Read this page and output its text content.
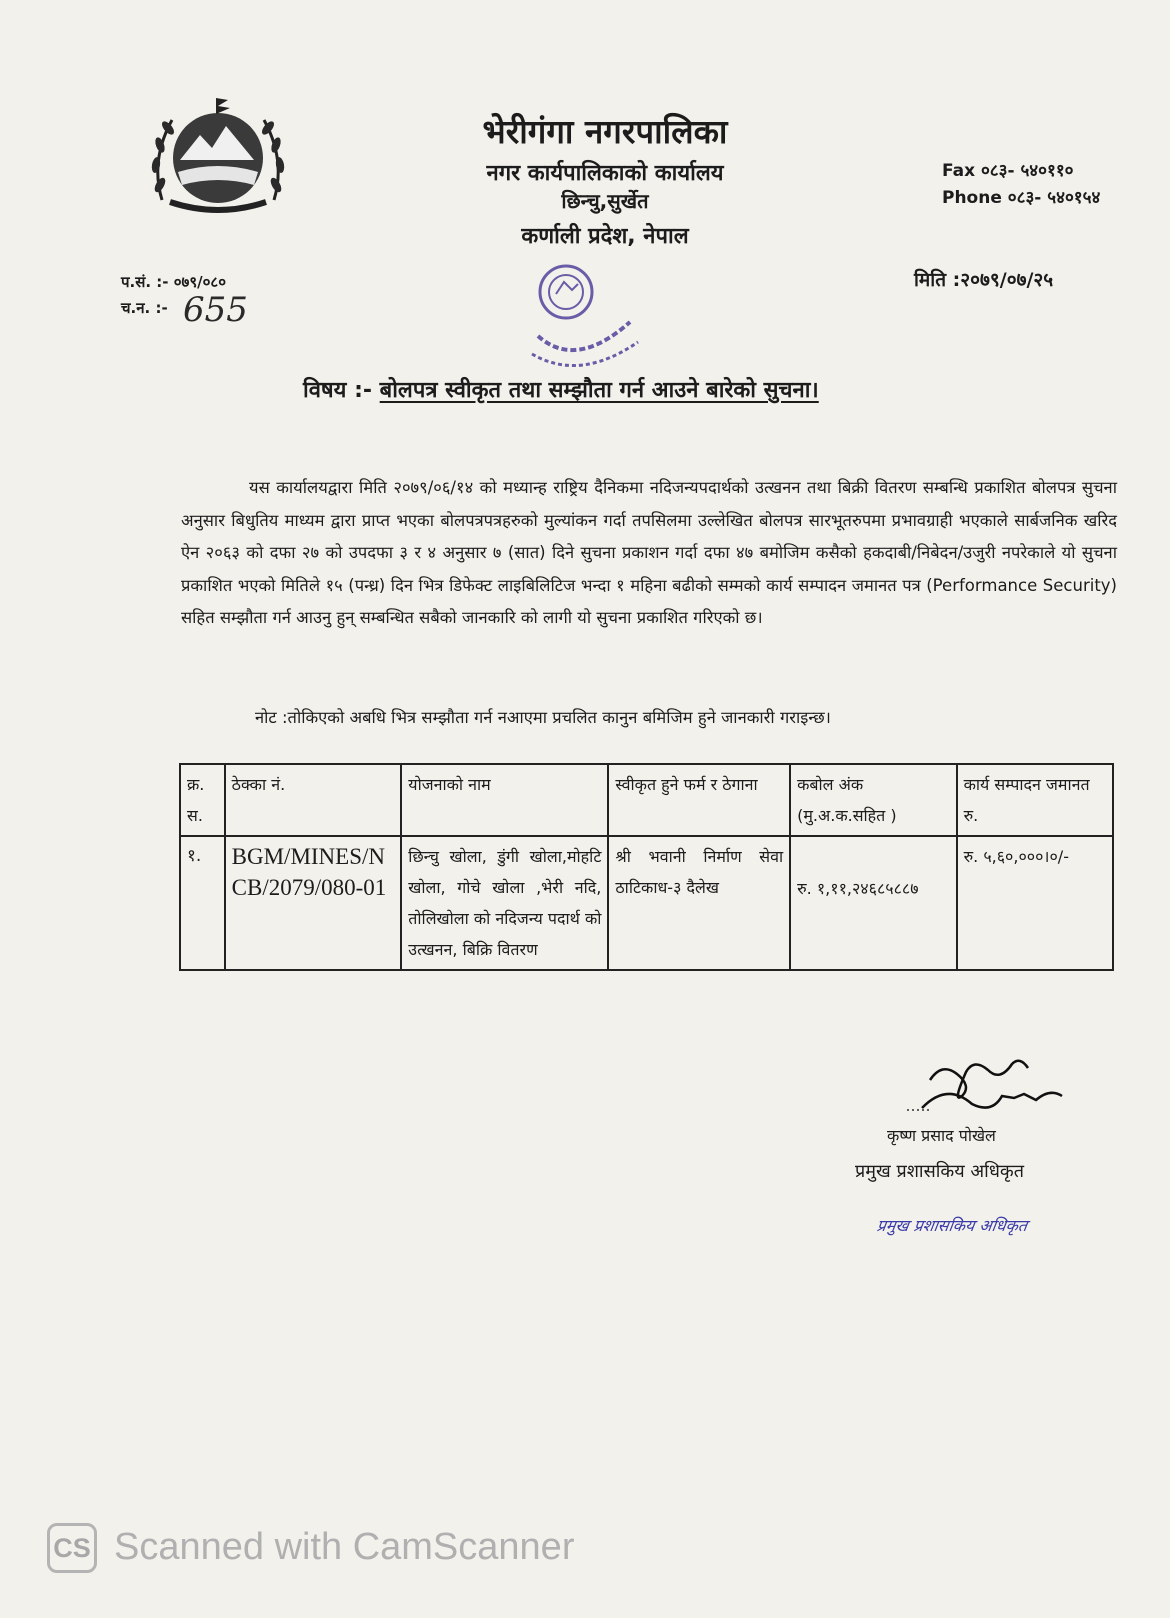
भेरीगंगा नगरपालिका
नगर कार्यपालिकाको कार्यालय
छिन्चु,सुर्खेत
कर्णाली प्रदेश, नेपाल
Fax ०८३- ५४०११०
Phone ०८३- ५४०१५४
प.सं. :- ०७९/०८०
च.न. :- 655
मिति :२०७९/०७/२५
विषय :- बोलपत्र स्वीकृत तथा सम्झौता गर्न आउने बारेको सुचना।

यस कार्यालयद्वारा मिति २०७९/०६/१४ को मध्यान्ह राष्ट्रिय दैनिकमा नदिजन्यपदार्थको उत्खनन तथा बिक्री वितरण सम्बन्धि प्रकाशित बोलपत्र सुचना अनुसार बिधुतिय माध्यम द्वारा प्राप्त भएका बोलपत्रपत्रहरुको मुल्यांकन गर्दा तपसिलमा उल्लेखित बोलपत्र सारभूतरुपमा प्रभावग्राही भएकाले सार्बजनिक खरिद ऐन २०६३ को दफा २७ को उपदफा ३ र ४ अनुसार ७ (सात) दिने सुचना प्रकाशन गर्दा दफा ४७ बमोजिम कसैको हकदाबी/निबेदन/उजुरी नपरेकाले यो सुचना प्रकाशित भएको मितिले १५ (पन्ध्र) दिन भित्र डिफेक्ट लाइबिलिटिज भन्दा १ महिना बढीको सम्मको कार्य सम्पादन जमानत पत्र (Performance Security) सहित सम्झौता गर्न आउनु हुन् सम्बन्धित सबैको जानकारि को लागी यो सुचना प्रकाशित गरिएको छ।

नोट :तोकिएको अबधि भित्र सम्झौता गर्न नआएमा प्रचलित कानुन बमिजिम हुने जानकारी गराइन्छ।
क्र. स.	ठेक्का नं.	योजनाको नाम	स्वीकृत हुने फर्म र ठेगाना	कबोल अंक (मु.अ.क.सहित )	कार्य सम्पादन जमानत रु.
१.	BGM/MINES/NCB/2079/080-01	छिन्चु खोला, डुंगी खोला,मोहटि खोला, गोचे खोला ,भेरी नदि, तोलिखोला को नदिजन्य पदार्थ को उत्खनन, बिक्रि वितरण	श्री भवानी निर्माण सेवा ठाटिकाध-३ दैलेख	रु. १,११,२४६८५८८७	रु. ५,६०,०००।०/-
कृष्ण प्रसाद पोखेल
प्रमुख प्रशासकिय अधिकृत
प्रमुख प्रशासकिय अधिकृत
CS Scanned with CamScanner
